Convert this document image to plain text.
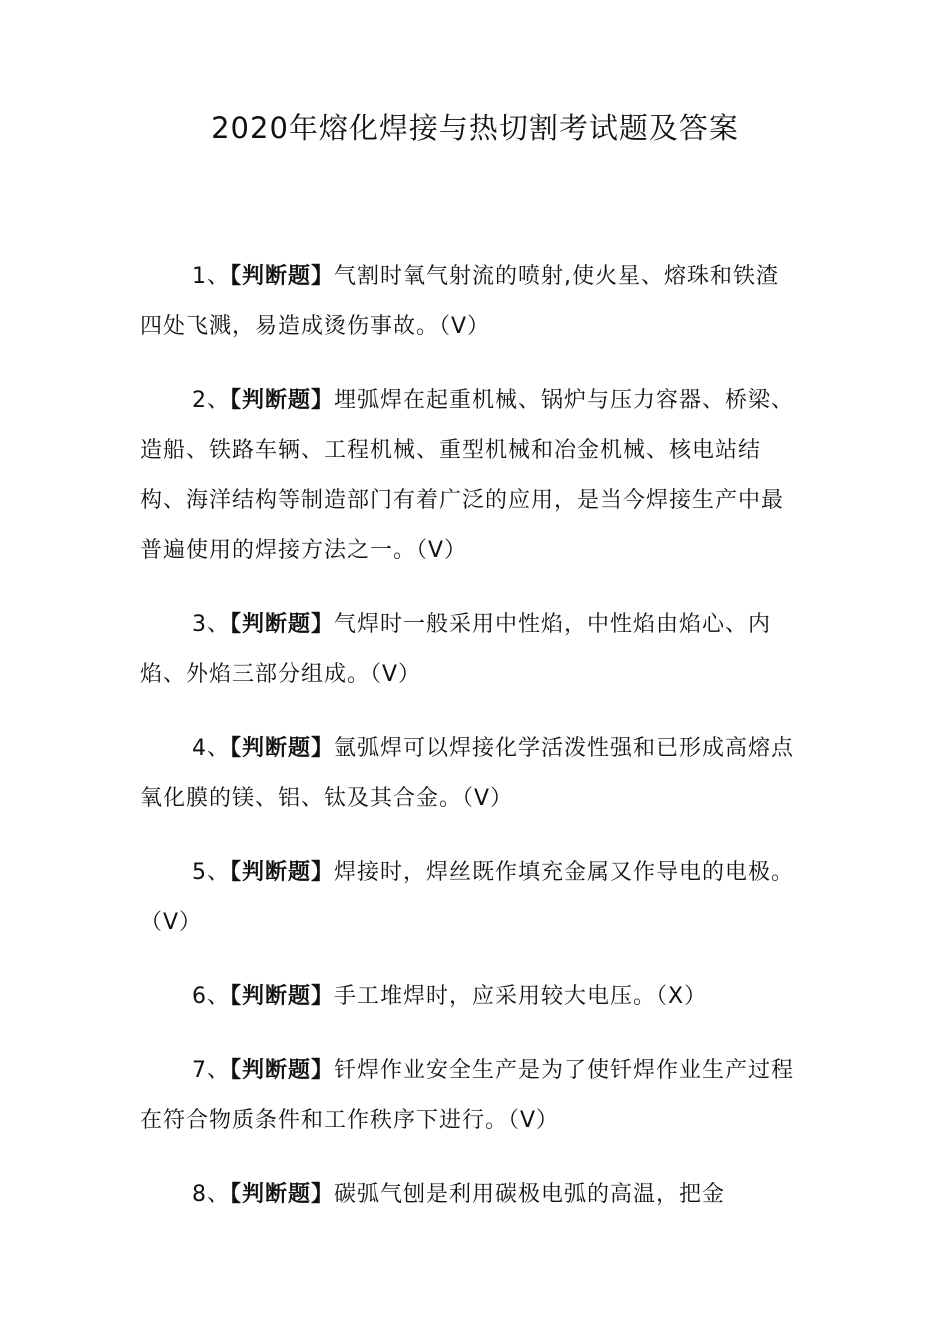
2020年熔化焊接与热切割考试题及答案

1、【判断题】气割时氧气射流的喷射,使火星、熔珠和铁渣四处飞溅，易造成烫伤事故。（V）

2、【判断题】埋弧焊在起重机械、锅炉与压力容器、桥梁、造船、铁路车辆、工程机械、重型机械和冶金机械、核电站结构、海洋结构等制造部门有着广泛的应用，是当今焊接生产中最普遍使用的焊接方法之一。（V）

3、【判断题】气焊时一般采用中性焰，中性焰由焰心、内焰、外焰三部分组成。（V）

4、【判断题】氩弧焊可以焊接化学活泼性强和已形成高熔点氧化膜的镁、铝、钛及其合金。（V）

5、【判断题】焊接时，焊丝既作填充金属又作导电的电极。（V）

6、【判断题】手工堆焊时，应采用较大电压。（X）

7、【判断题】钎焊作业安全生产是为了使钎焊作业生产过程在符合物质条件和工作秩序下进行。（V）

8、【判断题】碳弧气刨是利用碳极电弧的高温，把金
